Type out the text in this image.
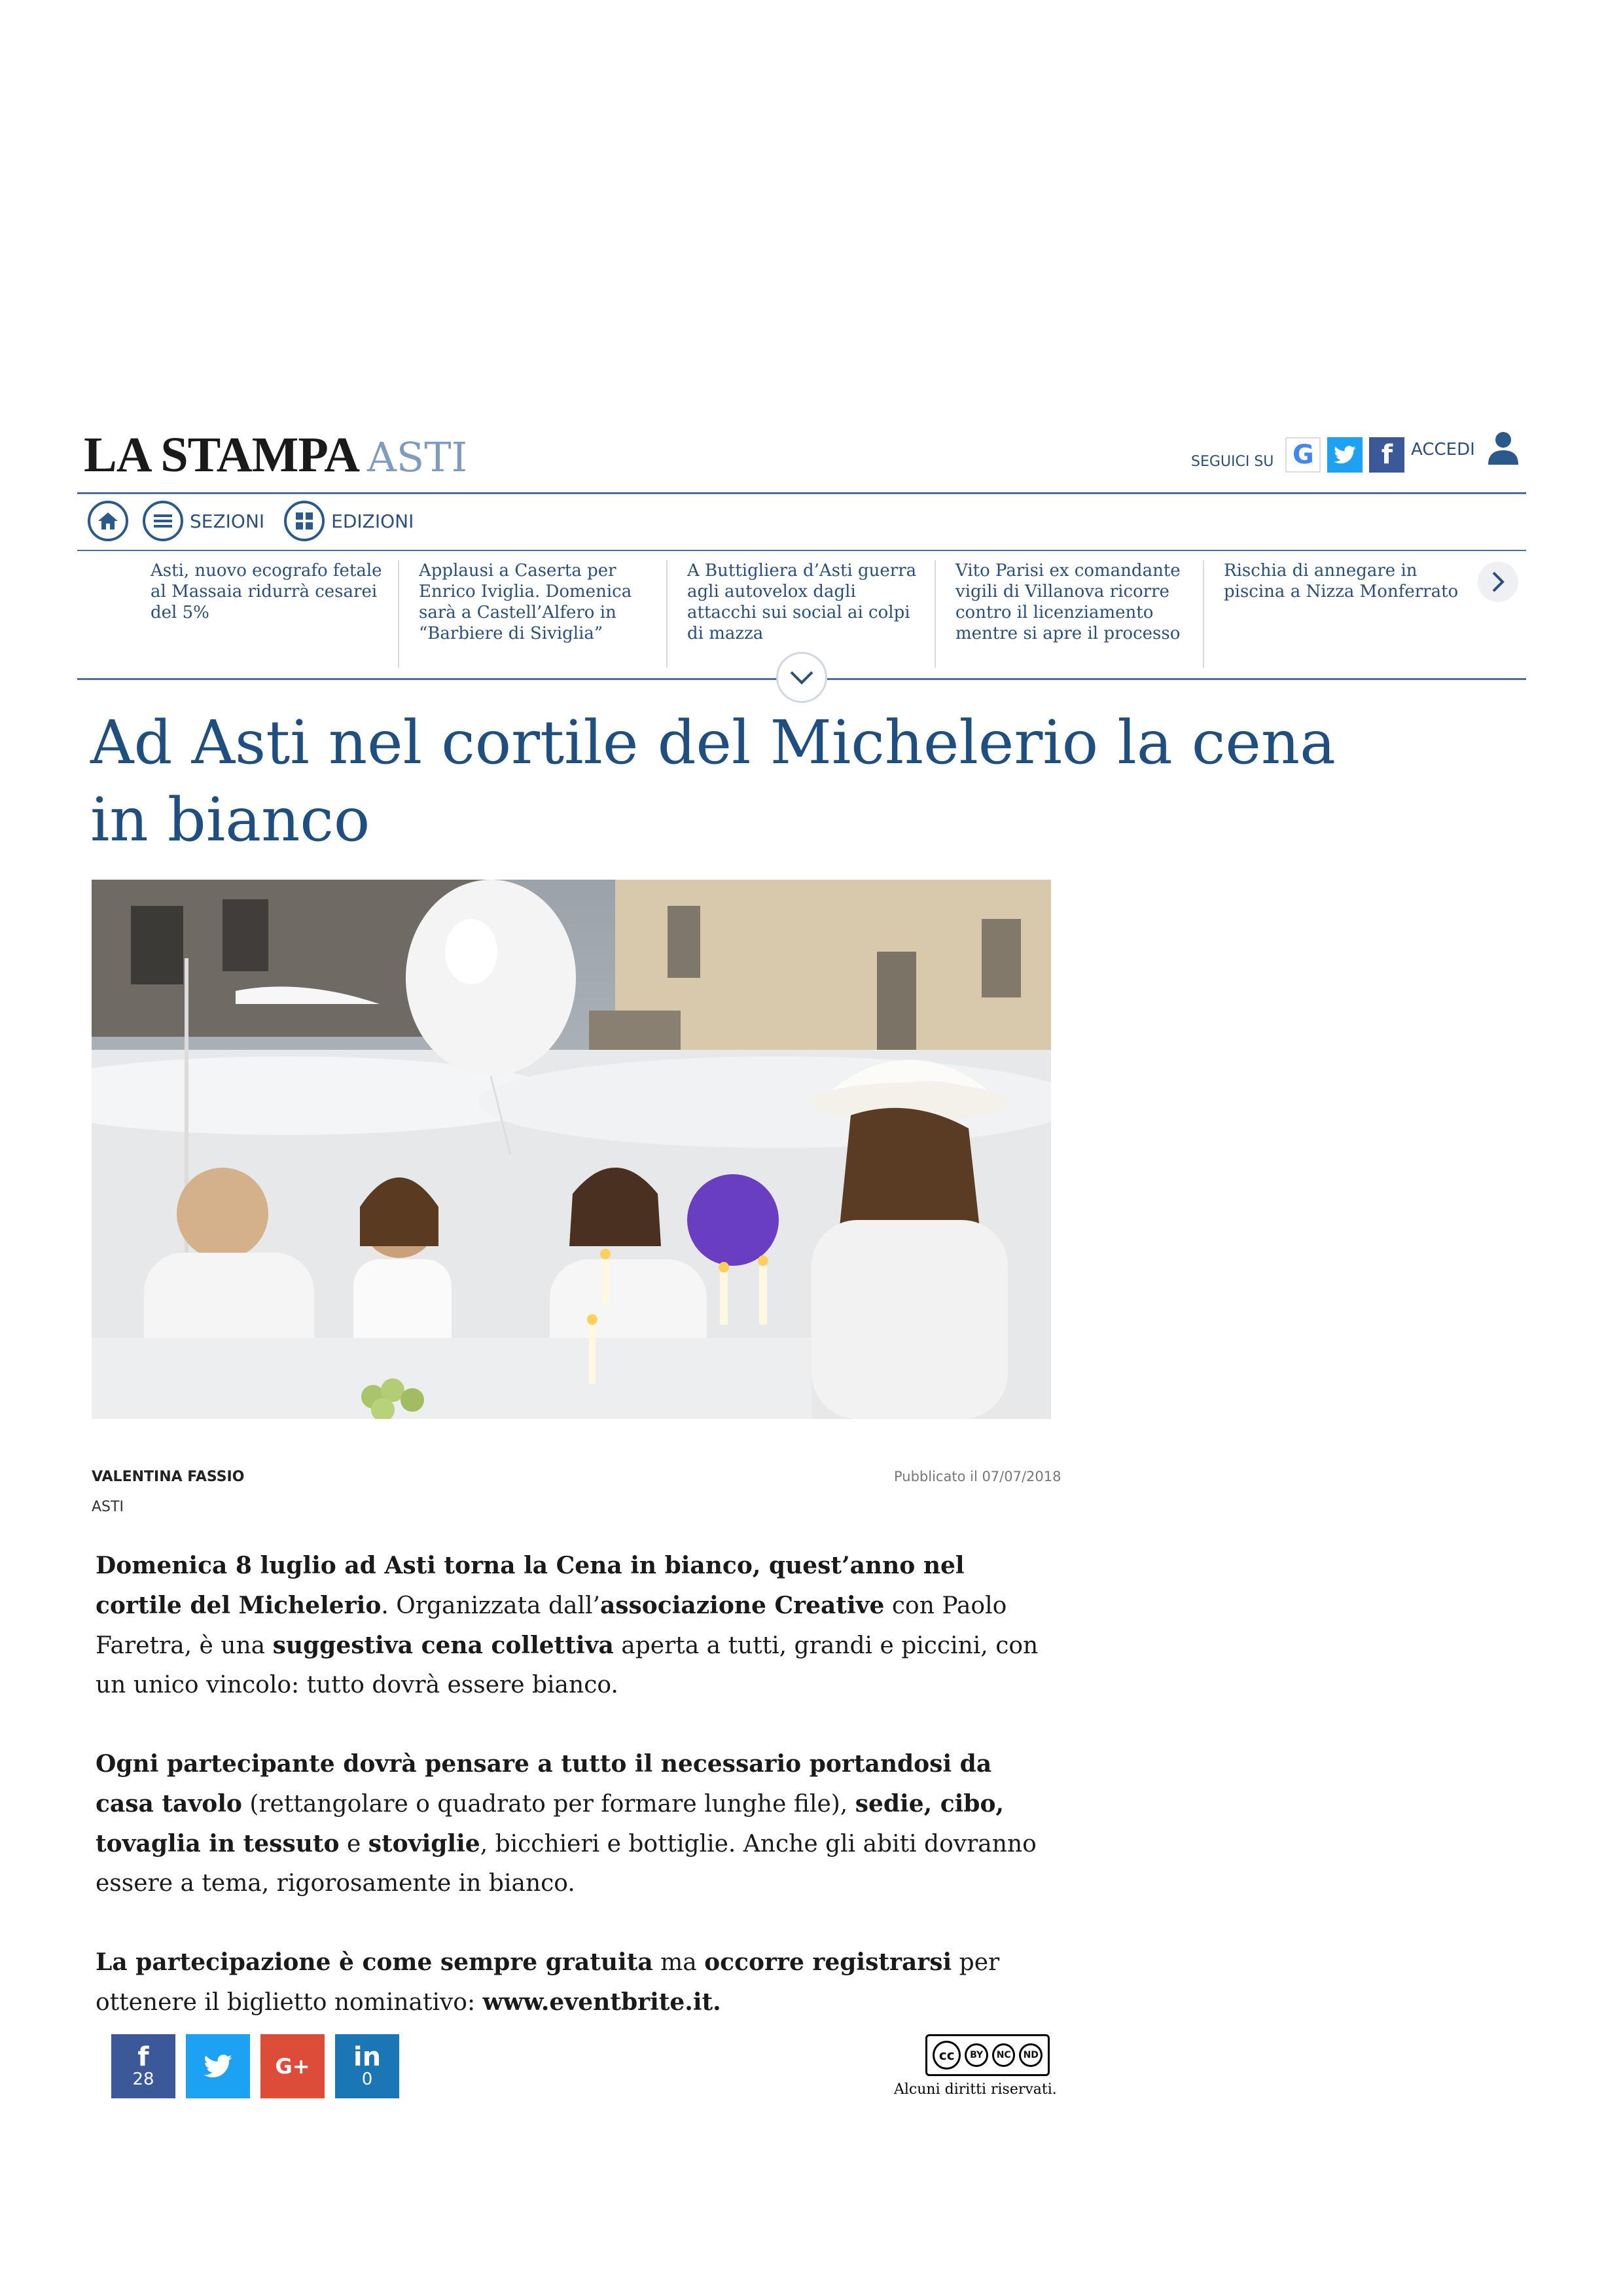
LA STAMPA ASTI	SEGUICI SU G	f	ACCEDI
SEZIONI	EDIZIONI
Asti, nuovo ecografo fetale al Massaia ridurrà cesarei del 5%
Applausi a Caserta per Enrico Iviglia. Domenica sarà a Castell’Alfero in “Barbiere di Siviglia”
A Buttigliera d’Asti guerra agli autovelox dagli attacchi sui social ai colpi di mazza
Vito Parisi ex comandante vigili di Villanova ricorre contro il licenziamento mentre si apre il processo
Rischia di annegare in piscina a Nizza Monferrato
Ad Asti nel cortile del Michelerio la cena in bianco
VALENTINA FASSIO
ASTI
Pubblicato il 07/07/2018

Domenica 8 luglio ad Asti torna la Cena in bianco, quest’anno nel cortile del Michelerio. Organizzata dall’associazione Creative con Paolo Faretra, è una suggestiva cena collettiva aperta a tutti, grandi e piccini, con un unico vincolo: tutto dovrà essere bianco.

Ogni partecipante dovrà pensare a tutto il necessario portandosi da casa tavolo (rettangolare o quadrato per formare lunghe file), sedie, cibo, tovaglia in tessuto e stoviglie, bicchieri e bottiglie. Anche gli abiti dovranno essere a tema, rigorosamente in bianco.

La partecipazione è come sempre gratuita ma occorre registrarsi per ottenere il biglietto nominativo: www.eventbrite.it.

f
28
G+ in
0
cc	BY	NC	ND
Alcuni diritti riservati.
